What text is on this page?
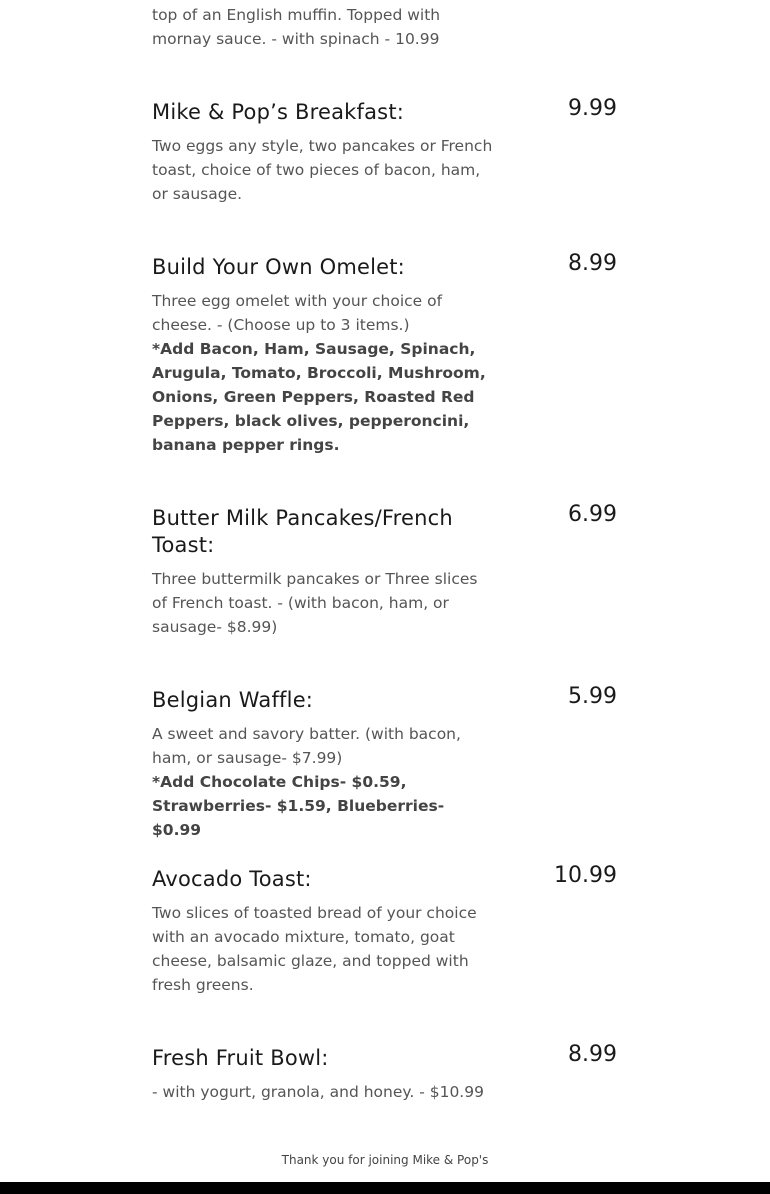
top of an English muffin. Topped with

mornay sauce. - with spinach - 10.99

Mike & Pop’s Breakfast:	9.99

Two eggs any style, two pancakes or French toast, choice of two pieces of bacon, ham, or sausage.

Build Your Own Omelet:	8.99

Three egg omelet with your choice of cheese. - (Choose up to 3 items.)

*Add Bacon, Ham, Sausage, Spinach, Arugula, Tomato, Broccoli, Mushroom, Onions, Green Peppers, Roasted Red Peppers, black olives, pepperoncini, banana pepper rings.

Butter Milk Pancakes/French Toast:
6.99

Three buttermilk pancakes or Three slices of French toast. - (with bacon, ham, or sausage- $8.99)

Belgian Waffle:	5.99

A sweet and savory batter. (with bacon, ham, or sausage- $7.99)

*Add Chocolate Chips- $0.59, Strawberries- $1.59, Blueberries- $0.99

Avocado Toast:	10.99

Two slices of toasted bread of your choice with an avocado mixture, tomato, goat cheese, balsamic glaze, and topped with fresh greens.

Fresh Fruit Bowl:	8.99

- with yogurt, granola, and honey. - $10.99

Thank you for joining Mike & Pop's
